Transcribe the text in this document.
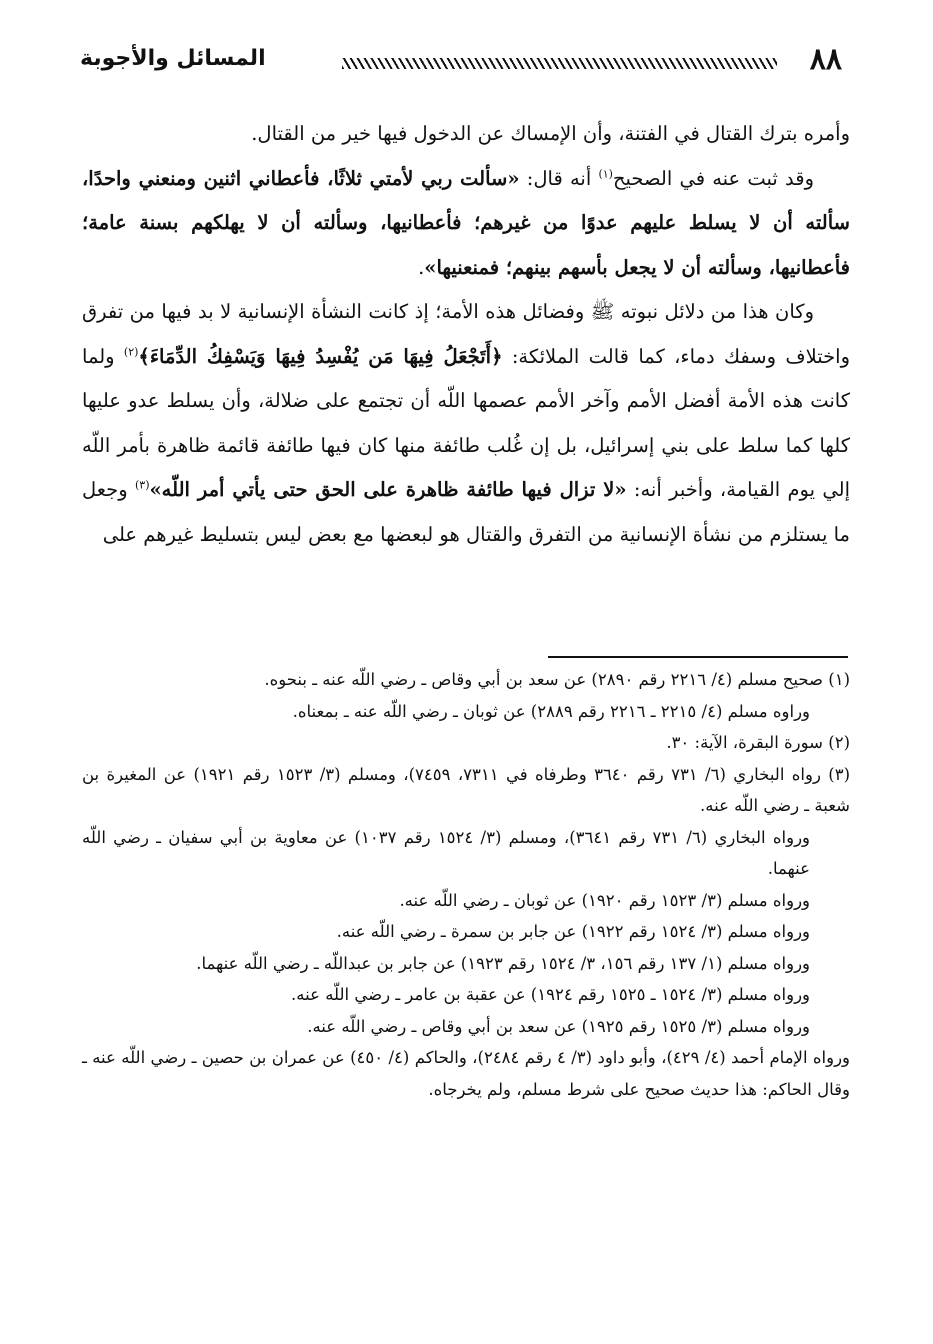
٨٨
المسائل والأجوبة

وأمره بترك القتال في الفتنة، وأن الإمساك عن الدخول فيها خير من القتال.

وقد ثبت عنه في الصحيح$^{(١)}$ أنه قال: «سألت ربي لأمتي ثلاثًا، فأعطاني اثنين ومنعني واحدًا، سألته أن لا يسلط عليهم عدوًا من غيرهم؛ فأعطانيها، وسألته أن لا يهلكهم بسنة عامة؛ فأعطانيها، وسألته أن لا يجعل بأسهم بينهم؛ فمنعنيها».

وكان هذا من دلائل نبوته ﷺ وفضائل هذه الأمة؛ إذ كانت النشأة الإنسانية لا بد فيها من تفرق واختلاف وسفك دماء، كما قالت الملائكة: ﴿أَتَجْعَلُ فِيهَا مَن يُفْسِدُ فِيهَا وَيَسْفِكُ الدِّمَاءَ﴾$^{(٢)}$ ولما كانت هذه الأمة أفضل الأمم وآخر الأمم عصمها اللّه أن تجتمع على ضلالة، وأن يسلط عدو عليها كلها كما سلط على بني إسرائيل، بل إن غُلب طائفة منها كان فيها طائفة قائمة ظاهرة بأمر اللّه إلي يوم القيامة، وأخبر أنه: «لا تزال فيها طائفة ظاهرة على الحق حتى يأتي أمر اللّه»$^{(٣)}$ وجعل ما يستلزم من نشأة الإنسانية من التفرق والقتال هو لبعضها مع بعض ليس بتسليط غيرهم على

(١) صحيح مسلم (٤/ ٢٢١٦ رقم ٢٨٩٠) عن سعد بن أبي وقاص ـ رضي اللّه عنه ـ بنحوه.

وراوه مسلم (٤/ ٢٢١٥ ـ ٢٢١٦ رقم ٢٨٨٩) عن ثوبان ـ رضي اللّه عنه ـ بمعناه.

(٢) سورة البقرة، الآية: ٣٠.

(٣) رواه البخاري (٦/ ٧٣١ رقم ٣٦٤٠ وطرفاه في ٧٣١١، ٧٤٥٩)، ومسلم (٣/ ١٥٢٣ رقم ١٩٢١) عن المغيرة بن شعبة ـ رضي اللّه عنه.

ورواه البخاري (٦/ ٧٣١ رقم ٣٦٤١)، ومسلم (٣/ ١٥٢٤ رقم ١٠٣٧) عن معاوية بن أبي سفيان ـ رضي اللّه عنهما.

ورواه مسلم (٣/ ١٥٢٣ رقم ١٩٢٠) عن ثوبان ـ رضي اللّه عنه.

ورواه مسلم (٣/ ١٥٢٤ رقم ١٩٢٢) عن جابر بن سمرة ـ رضي اللّه عنه.

ورواه مسلم (١/ ١٣٧ رقم ١٥٦، ٣/ ١٥٢٤ رقم ١٩٢٣) عن جابر بن عبداللّه ـ رضي اللّه عنهما.

ورواه مسلم (٣/ ١٥٢٤ ـ ١٥٢٥ رقم ١٩٢٤) عن عقبة بن عامر ـ رضي اللّه عنه.

ورواه مسلم (٣/ ١٥٢٥ رقم ١٩٢٥) عن سعد بن أبي وقاص ـ رضي اللّه عنه.

ورواه الإمام أحمد (٤/ ٤٢٩)، وأبو داود (٣/ ٤ رقم ٢٤٨٤)، والحاكم (٤/ ٤٥٠) عن عمران بن حصين ـ رضي اللّه عنه ـ وقال الحاكم: هذا حديث صحيح على شرط مسلم، ولم يخرجاه.
